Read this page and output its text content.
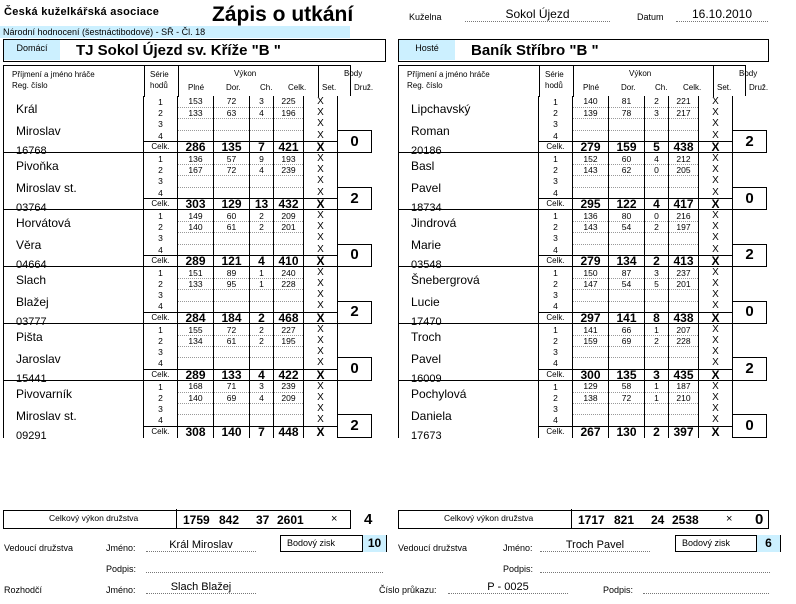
Česká kuželkářská asociace
Národní hodnocení (šestnáctibodové) - SŘ - Čl. 18
Zápis o utkání	Kuželna	Sokol Újezd	Datum	16.10.2010
Domácí	TJ Sokol Újezd sv. Kříže "B "	Hosté	Baník Stříbro "B "
Příjmení a jméno hráče
Reg. číslo
Série
hodů
Výkon
Plné	Dor. Ch. Celk.
Body
Set. Druž.
Král
Miroslav
16768	1	153	72	3	225	X	
	2	133	63	4	196	X	
	3					X	
	4					X	0
	Celk.	286	135	7	421	X	

Pivoňka
Miroslav st.
03764	1	136	57	9	193	X	
	2	167	72	4	239	X	
	3					X	
	4					X	2
	Celk.	303	129	13	432	X	

Horvátová
Věra
04664	1	149	60	2	209	X	
	2	140	61	2	201	X	
	3					X	
	4					X	0
	Celk.	289	121	4	410	X	

Slach
Blažej
03777	1	151	89	1	240	X	
	2	133	95	1	228	X	
	3					X	
	4					X	2
	Celk.	284	184	2	468	X	

Pišta
Jaroslav
15441	1	155	72	2	227	X	
	2	134	61	2	195	X	
	3					X	
	4					X	0
	Celk.	289	133	4	422	X	

Pivovarník
Miroslav st.
09291	1	168	71	3	239	X	
	2	140	69	4	209	X	
	3					X	
	4					X	2
	Celk.	308	140	7	448	X	
Příjmení a jméno hráče
Reg. číslo
Série
hodů
Výkon
Plné	Dor. Ch. Celk.
Body
Set. Druž.
Lipchavský
Roman
20186	1	140	81	2	221	X	
	2	139	78	3	217	X	
	3					X	
	4					X	2
	Celk.	279	159	5	438	X	

Basl
Pavel
18734	1	152	60	4	212	X	
	2	143	62	0	205	X	
	3					X	
	4					X	0
	Celk.	295	122	4	417	X	

Jindrová
Marie
03548	1	136	80	0	216	X	
	2	143	54	2	197	X	
	3					X	
	4					X	2
	Celk.	279	134	2	413	X	

Šnebergrová
Lucie
17470	1	150	87	3	237	X	
	2	147	54	5	201	X	
	3					X	
	4					X	0
	Celk.	297	141	8	438	X	

Troch
Pavel
16009	1	141	66	1	207	X	
	2	159	69	2	228	X	
	3					X	
	4					X	2
	Celk.	300	135	3	435	X	

Pochylová
Daniela
17673	1	129	58	1	187	X	
	2	138	72	1	210	X	
	3					X	
	4					X	0
	Celk.	267	130	2	397	X	
Celkový výkon družstva	1759 842 37 2601 × 4	Celkový výkon družstva	1717 821 24 2538 × 0
Vedoucí družstva	Jméno:	Král Miroslav	Bodový zisk	10
Podpis:
Vedoucí družstva	Jméno:	Troch Pavel	Bodový zisk	6
Podpis:
Rozhodčí	Jméno:	Slach Blažej	Číslo průkazu:	P - 0025	Podpis:
